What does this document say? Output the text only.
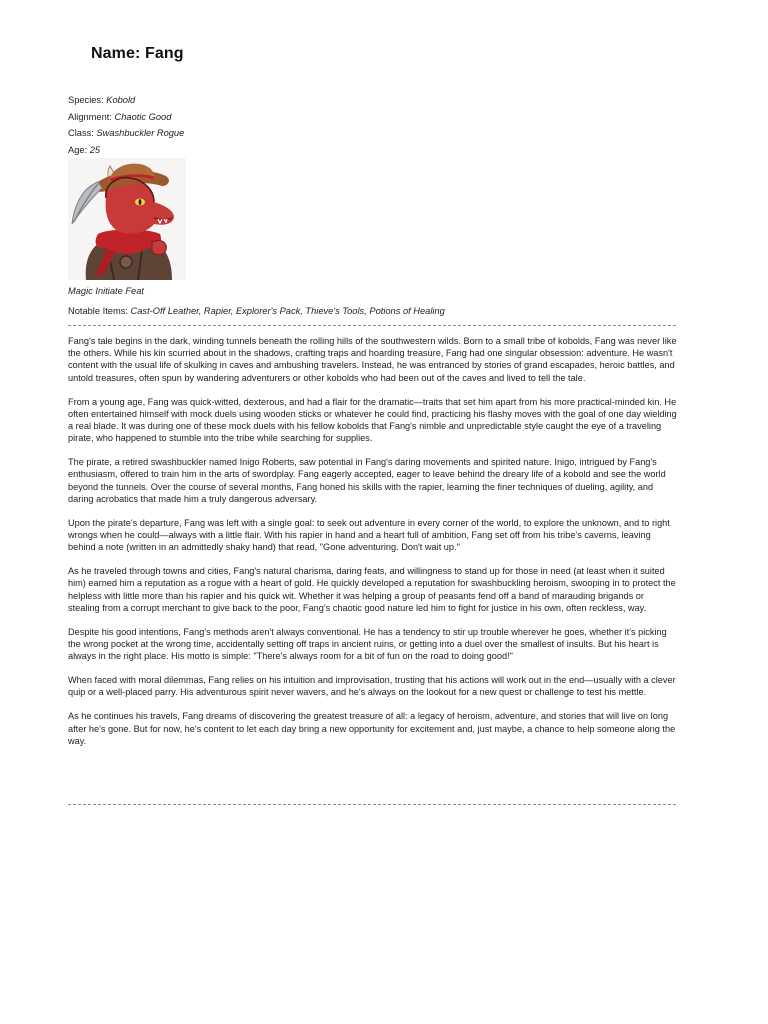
Name: Fang
Species: Kobold
Alignment: Chaotic Good
Class: Swashbuckler Rogue
Age: 25
Magic Initiate Feat
Notable Items: Cast-Off Leather, Rapier, Explorer's Pack, Thieve's Tools, Potions of Healing

Fang's tale begins in the dark, winding tunnels beneath the rolling hills of the southwestern wilds. Born to a small tribe of kobolds, Fang was never like the others. While his kin scurried about in the shadows, crafting traps and hoarding treasure, Fang had one singular obsession: adventure. He wasn't content with the usual life of skulking in caves and ambushing travelers. Instead, he was entranced by stories of grand escapades, heroic battles, and untold treasures, often spun by wandering adventurers or other kobolds who had been out of the caves and lived to tell the tale.

From a young age, Fang was quick-witted, dexterous, and had a flair for the dramatic—traits that set him apart from his more practical-minded kin. He often entertained himself with mock duels using wooden sticks or whatever he could find, practicing his flashy moves with the goal of one day wielding a real blade. It was during one of these mock duels with his fellow kobolds that Fang's nimble and unpredictable style caught the eye of a traveling pirate, who happened to stumble into the tribe while searching for supplies.

The pirate, a retired swashbuckler named Inigo Roberts, saw potential in Fang's daring movements and spirited nature. Inigo, intrigued by Fang's enthusiasm, offered to train him in the arts of swordplay. Fang eagerly accepted, eager to leave behind the dreary life of a kobold and see the world beyond the tunnels. Over the course of several months, Fang honed his skills with the rapier, learning the finer techniques of dueling, agility, and daring acrobatics that made him a truly dangerous adversary.

Upon the pirate's departure, Fang was left with a single goal: to seek out adventure in every corner of the world, to explore the unknown, and to right wrongs when he could—always with a little flair. With his rapier in hand and a heart full of ambition, Fang set off from his tribe's caverns, leaving behind a note (written in an admittedly shaky hand) that read, "Gone adventuring. Don't wait up."

As he traveled through towns and cities, Fang's natural charisma, daring feats, and willingness to stand up for those in need (at least when it suited him) earned him a reputation as a rogue with a heart of gold. He quickly developed a reputation for swashbuckling heroism, swooping in to protect the helpless with little more than his rapier and his quick wit. Whether it was helping a group of peasants fend off a band of marauding brigands or stealing from a corrupt merchant to give back to the poor, Fang's chaotic good nature led him to fight for justice in his own, often reckless, way.

Despite his good intentions, Fang's methods aren't always conventional. He has a tendency to stir up trouble wherever he goes, whether it's picking the wrong pocket at the wrong time, accidentally setting off traps in ancient ruins, or getting into a duel over the smallest of insults. But his heart is always in the right place. His motto is simple: "There's always room for a bit of fun on the road to doing good!"

When faced with moral dilemmas, Fang relies on his intuition and improvisation, trusting that his actions will work out in the end—usually with a clever quip or a well-placed parry. His adventurous spirit never wavers, and he's always on the lookout for a new quest or challenge to test his mettle.

As he continues his travels, Fang dreams of discovering the greatest treasure of all: a legacy of heroism, adventure, and stories that will live on long after he's gone. But for now, he's content to let each day bring a new opportunity for excitement and, just maybe, a chance to help someone along the way.
